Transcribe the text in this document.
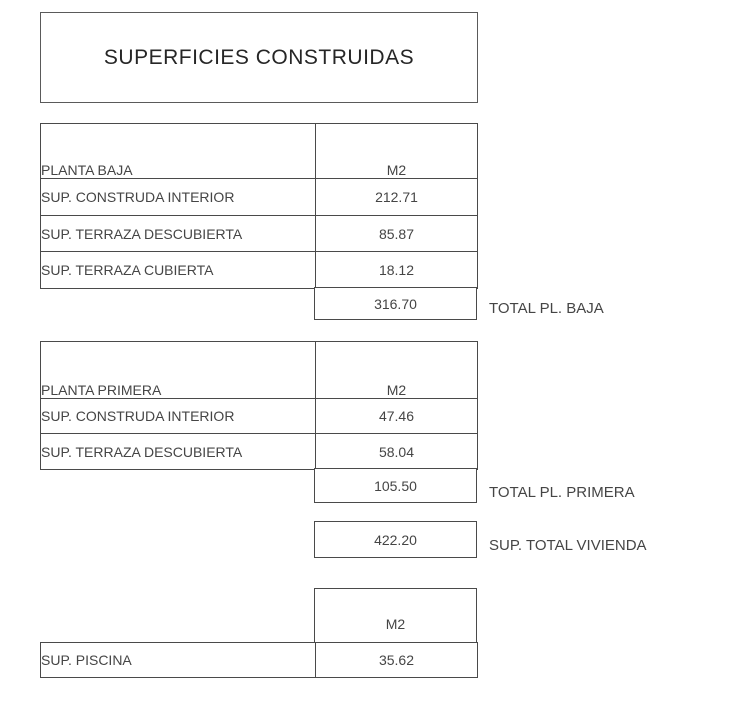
SUPERFICIES CONSTRUIDAS
PLANTA BAJA	M2
SUP. CONSTRUDA INTERIOR	212.71
SUP. TERRAZA DESCUBIERTA	85.87
SUP. TERRAZA CUBIERTA	18.12
316.70	TOTAL PL. BAJA
PLANTA PRIMERA	M2
SUP. CONSTRUDA INTERIOR	47.46
SUP. TERRAZA DESCUBIERTA	58.04
105.50	TOTAL PL. PRIMERA
422.20	SUP. TOTAL VIVIENDA
M2
SUP. PISCINA	35.62
